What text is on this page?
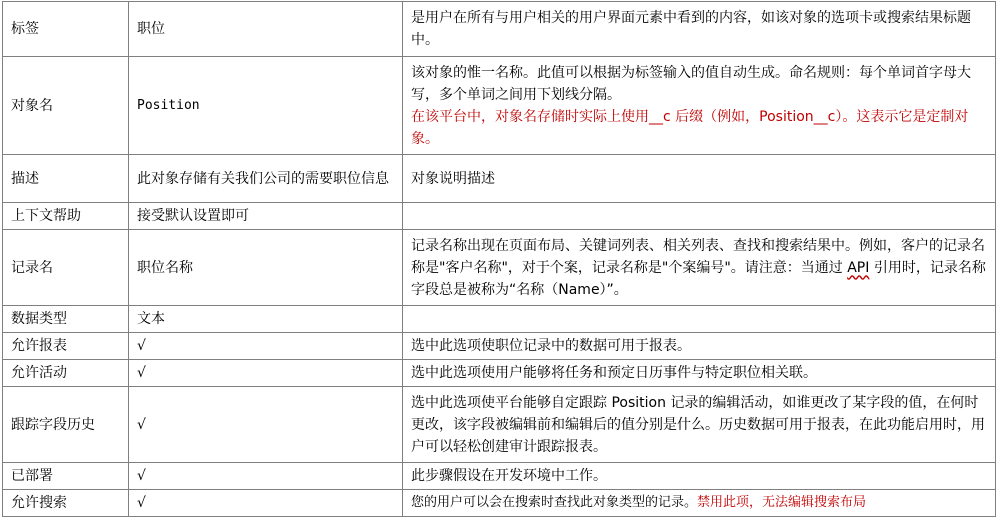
标签	职位	是用户在所有与用户相关的用户界面元素中看到的内容，如该对象的选项卡或搜索结果标题中。
对象名	Position	该对象的惟一名称。此值可以根据为标签输入的值自动生成。命名规则：每个单词首字母大写，多个单词之间用下划线分隔。
在该平台中，对象名存储时实际上使用__c 后缀（例如，Position__c）。这表示它是定制对象。

描述	此对象存储有关我们公司的需要职位信息	对象说明描述
上下文帮助	接受默认设置即可	
记录名	职位名称	记录名称出现在页面布局、关键词列表、相关列表、查找和搜索结果中。例如，客户的记录名称是"客户名称"，对于个案，记录名称是"个案编号"。请注意：当通过 API 引用时，记录名称字段总是被称为“名称（Name）”。
数据类型	文本	
允许报表	√	选中此选项使职位记录中的数据可用于报表。
允许活动	√	选中此选项使用户能够将任务和预定日历事件与特定职位相关联。
跟踪字段历史	√	选中此选项使平台能够自定跟踪 Position 记录的编辑活动，如谁更改了某字段的值，在何时更改，该字段被编辑前和编辑后的值分别是什么。历史数据可用于报表，在此功能启用时，用户可以轻松创建审计跟踪报表。
已部署	√	此步骤假设在开发环境中工作。
允许搜索	√	您的用户可以会在搜索时查找此对象类型的记录。禁用此项，无法编辑搜索布局
